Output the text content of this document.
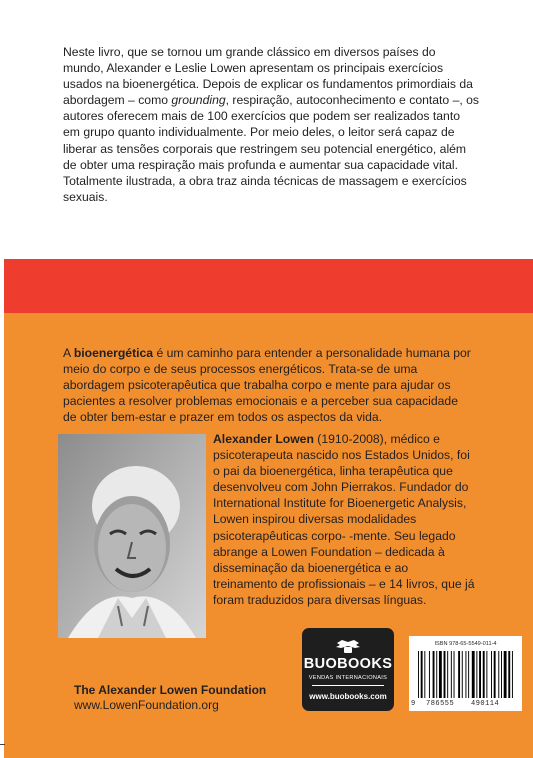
Neste livro, que se tornou um grande clássico em diversos países do mundo, Alexander e Leslie Lowen apresentam os principais exercícios usados na bioenergética. Depois de explicar os fundamentos primordiais da abordagem – como grounding, respiração, autoconhecimento e contato –, os autores oferecem mais de 100 exercícios que podem ser realizados tanto em grupo quanto individualmente. Por meio deles, o leitor será capaz de liberar as tensões corporais que restringem seu potencial energético, além de obter uma respiração mais profunda e aumentar sua capacidade vital. Totalmente ilustrada, a obra traz ainda técnicas de massagem e exercícios sexuais.
A bioenergética é um caminho para entender a personalidade humana por meio do corpo e de seus processos energéticos. Trata-se de uma abordagem psicoterapêutica que trabalha corpo e mente para ajudar os pacientes a resolver problemas emocionais e a perceber sua capacidade de obter bem-estar e prazer em todos os aspectos da vida.
Alexander Lowen (1910-2008), médico e psicoterapeuta nascido nos Estados Unidos, foi o pai da bioenergética, linha terapêutica que desenvolveu com John Pierrakos. Fundador do International Institute for Bioenergetic Analysis, Lowen inspirou diversas modalidades psicoterapêuticas corpo- -mente. Seu legado abrange a Lowen Foundation – dedicada à disseminação da bioenergética e ao treinamento de profissionais – e 14 livros, que já foram traduzidos para diversas línguas.
BUOBOOKS
VENDAS INTERNACIONAIS
www.buobooks.com
ISBN 978-65-5549-011-4
9 786555 490114
The Alexander Lowen Foundation
www.LowenFoundation.org
